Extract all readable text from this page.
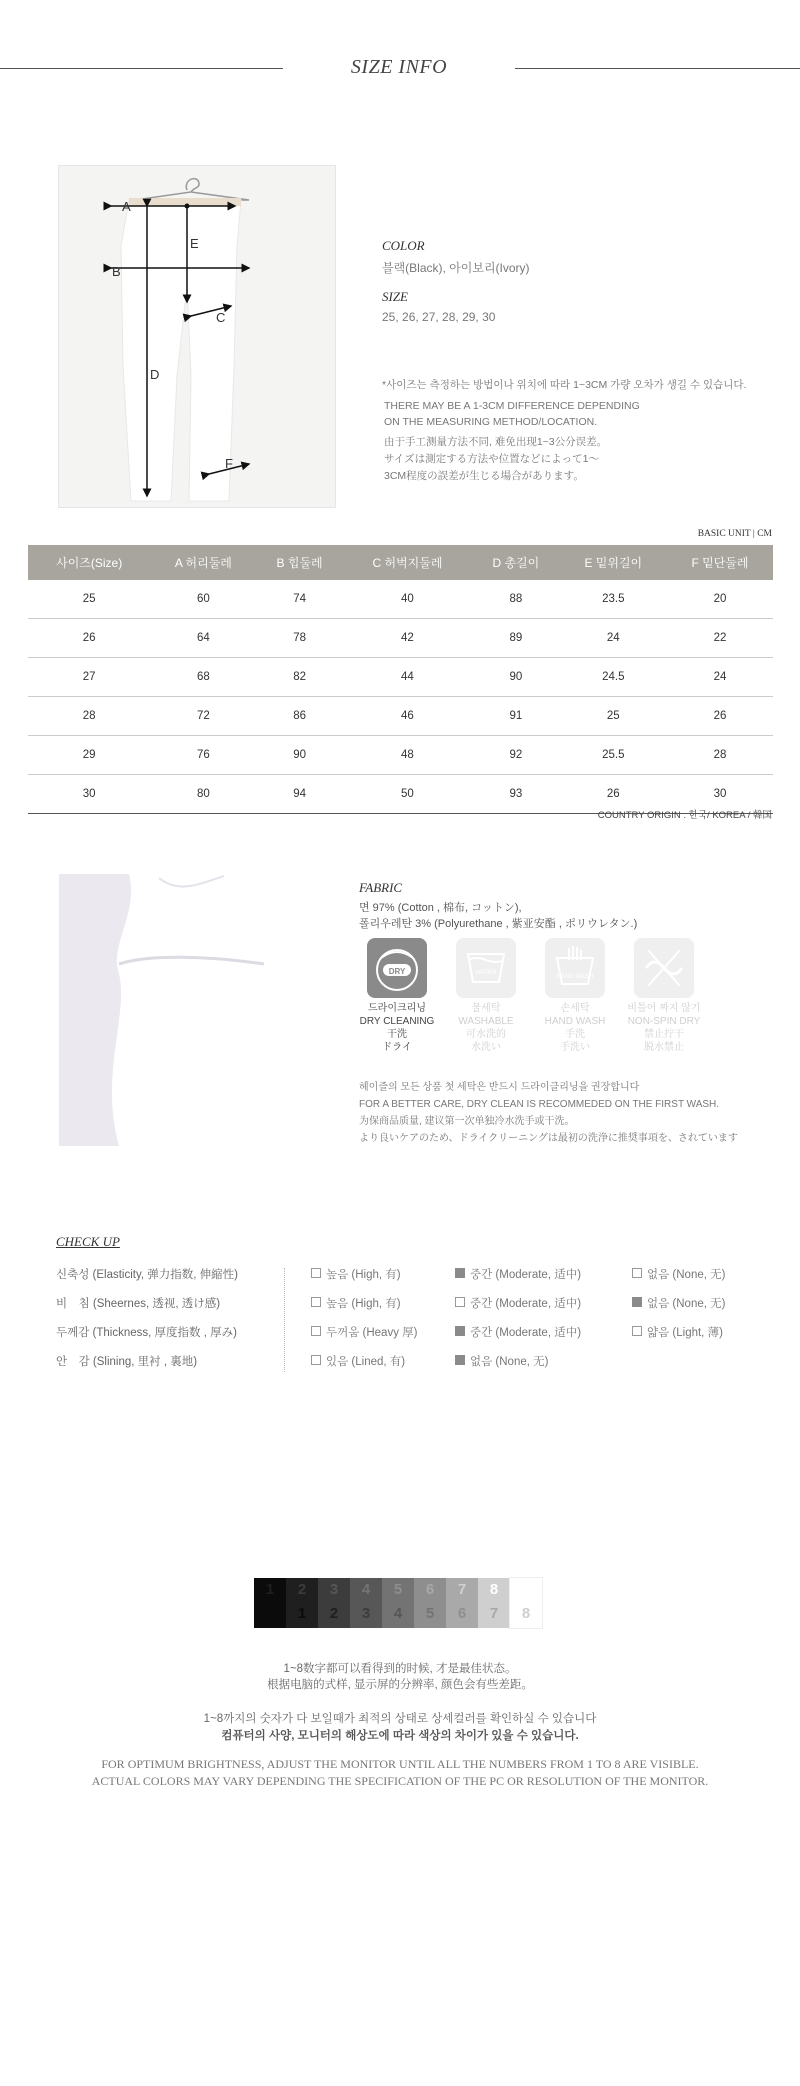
SIZE INFO
A
B
C
D
E
F
COLOR
블랙(Black), 아이보리(Ivory)
SIZE
25, 26, 27, 28, 29, 30
*사이즈는 측정하는 방법이나 위치에 따라 1~3CM 가량 오차가 생길 수 있습니다.
THERE MAY BE A 1-3CM DIFFERENCE DEPENDING
ON THE MEASURING METHOD/LOCATION.
由于手工测量方法不同, 难免出现1~3公分误差。
サイズは測定する方法や位置などによって1～
3CM程度の誤差が生じる場合があります。
BASIC UNIT | CM
사이즈(Size)	A 허리둘레	B 힙둘레	C 허벅지둘레	D 총길이	E 밑위길이	F 밑단둘레
25	60	74	40	88	23.5	20
26	64	78	42	89	24	22
27	68	82	44	90	24.5	24
28	72	86	46	91	25	26
29	76	90	48	92	25.5	28
30	80	94	50	93	26	30
COUNTRY ORIGIN : 한국/ KOREA / 韓国
FABRIC
면 97% (Cotton , 棉布, コットン),
폴리우레탄 3% (Polyurethane , 紫亚安酯 , ポリウレタン.)
DRY
드라이크리닝
DRY CLEANING
干洗
ドライ
WATER
물세탁
WASHABLE
可水洗的
水洗い
HAND WASH
손세탁
HAND WASH
手洗
手洗い
비틀어 짜지 않기
NON-SPIN DRY
禁止拧干
脱水禁止
헤이즐의 모든 상품 첫 세탁은 반드시 드라이클리닝을 권장합니다
FOR A BETTER CARE, DRY CLEAN IS RECOMMEDED ON THE FIRST WASH.
为保商品质量, 建议第一次单独冷水洗手或干洗。
より良いケアのため、ドライクリーニングは最初の洗浄に推奨事項を、されています
CHECK UP
신축성 (Elasticity, 弹力指数, 伸縮性)	높음 (High, 有)	중간 (Moderate, 适中)	없음 (None, 无)
비　침 (Sheernes, 透视, 透け感)	높음 (High, 有)	중간 (Moderate, 适中)	없음 (None, 无)
두께감 (Thickness, 厚度指数 , 厚み)	두꺼움 (Heavy 厚)	중간 (Moderate, 适中)	얇음 (Light, 薄)
안　감 (Slining, 里衬 , 裏地)	있음 (Lined, 有)	없음 (None, 无)
1	2
1
3
2
4
3
5
4
6
5
7
6
8
7	8
1~8数字都可以看得到的时候, 才是最佳状态。
根据电脑的式样, 显示屏的分辨率, 颜色会有些差距。
1~8까지의 숫자가 다 보일때가 최적의 상태로 상세컬러를 확인하실 수 있습니다
컴퓨터의 사양, 모니터의 해상도에 따라 색상의 차이가 있을 수 있습니다.
FOR OPTIMUM BRIGHTNESS, ADJUST THE MONITOR UNTIL ALL THE NUMBERS FROM 1 TO 8 ARE VISIBLE.
ACTUAL COLORS MAY VARY DEPENDING THE SPECIFICATION OF THE PC OR RESOLUTION OF THE MONITOR.
